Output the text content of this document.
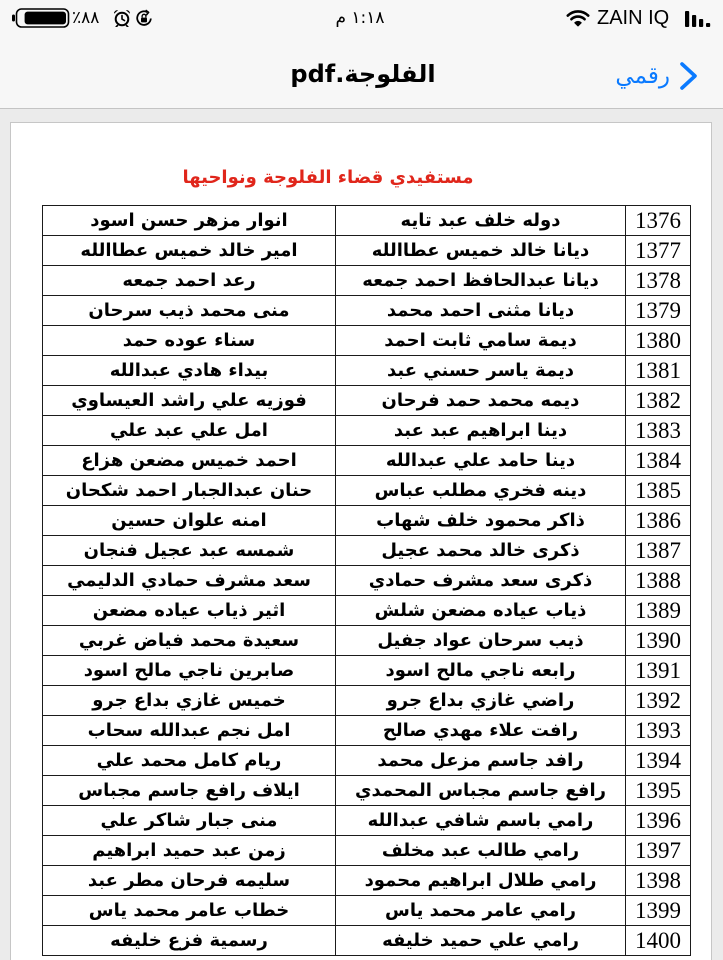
٪٨٨	١:١٨ م	ZAIN IQ
الفلوجة.pdf	رقمي
مستفيدي قضاء الفلوجة ونواحيها
1376	دوله خلف عبد تايه	انوار مزهر حسن اسود
1377	ديانا خالد خميس عطاالله	امير خالد خميس عطاالله
1378	ديانا عبدالحافظ احمد جمعه	رعد احمد جمعه
1379	ديانا مثنى احمد محمد	منى محمد ذيب سرحان
1380	ديمة سامي ثابت احمد	سناء عوده حمد
1381	ديمة ياسر حسني عبد	بيداء هادي عبدالله
1382	ديمه محمد حمد فرحان	فوزيه علي راشد العيساوي
1383	دينا ابراهيم عبد عبد	امل علي عبد علي
1384	دينا حامد علي عبدالله	احمد خميس مضعن هزاع
1385	دينه فخري مطلب عباس	حنان عبدالجبار احمد شكحان
1386	ذاكر محمود خلف شهاب	امنه علوان حسين
1387	ذكرى خالد محمد عجيل	شمسه عبد عجيل فنجان
1388	ذكرى سعد مشرف حمادي	سعد مشرف حمادي الدليمي
1389	ذياب عياده مضعن شلش	اثير ذياب عياده مضعن
1390	ذيب سرحان عواد جفيل	سعيدة محمد فياض غربي
1391	رابعه ناجي مالح اسود	صابرين ناجي مالح اسود
1392	راضي غازي بداع جرو	خميس غازي بداع جرو
1393	رافت علاء مهدي صالح	امل نجم عبدالله سحاب
1394	رافد جاسم مزعل محمد	ريام كامل محمد علي
1395	رافع جاسم مجباس المحمدي	ايلاف رافع جاسم مجباس
1396	رامي باسم شافي عبدالله	منى جبار شاكر علي
1397	رامي طالب عبد مخلف	زمن عبد حميد ابراهيم
1398	رامي طلال ابراهيم محمود	سليمه فرحان مطر عبد
1399	رامي عامر محمد ياس	خطاب عامر محمد ياس
1400	رامي علي حميد خليفه	رسمية فزع خليفه
